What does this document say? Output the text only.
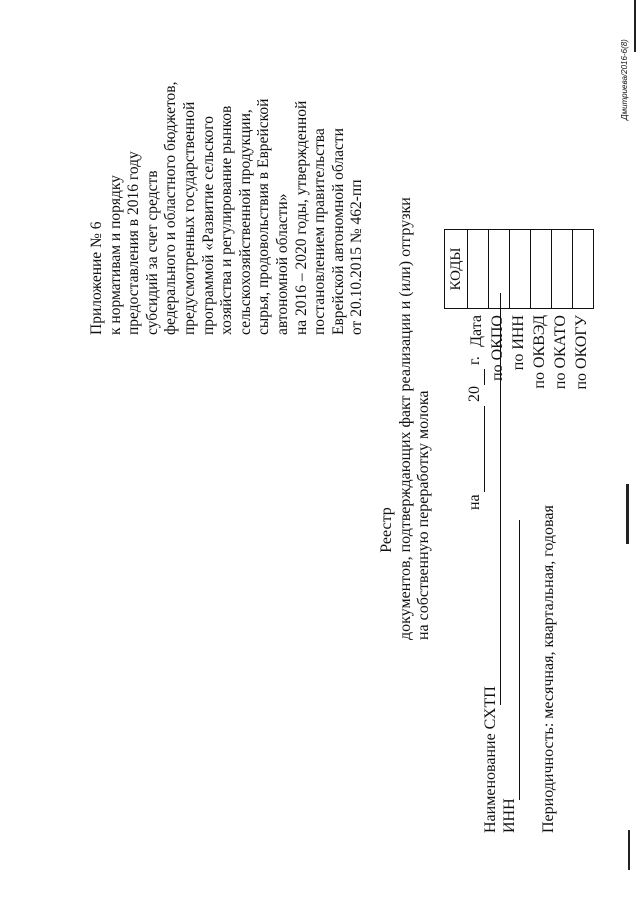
Приложение № 6 к нормативам и порядку предоставления в 2016 году субсидий за счет средств федерального и областного бюджетов, предусмотренных государственной программой «Развитие сельского хозяйства и регулирование рынков сельскохозяйственной продукции, сырья, продовольствия в Еврейской автономной области» на 2016 – 2020 годы, утвержденной постановлением правительства Еврейской автономной области от 20.10.2015 № 462-пп
Реестр документов, подтверждающих факт реализации и (или) отгрузки на собственную переработку молока на
20
г.
Наименование СХТП ИНН Периодичность: месячная, квартальная, годовая
Дата по ОКПО по ИНН по ОКВЭД по ОКАТО по ОКОГУ
КОДЫ
Дмитриева/2016-6(8)
